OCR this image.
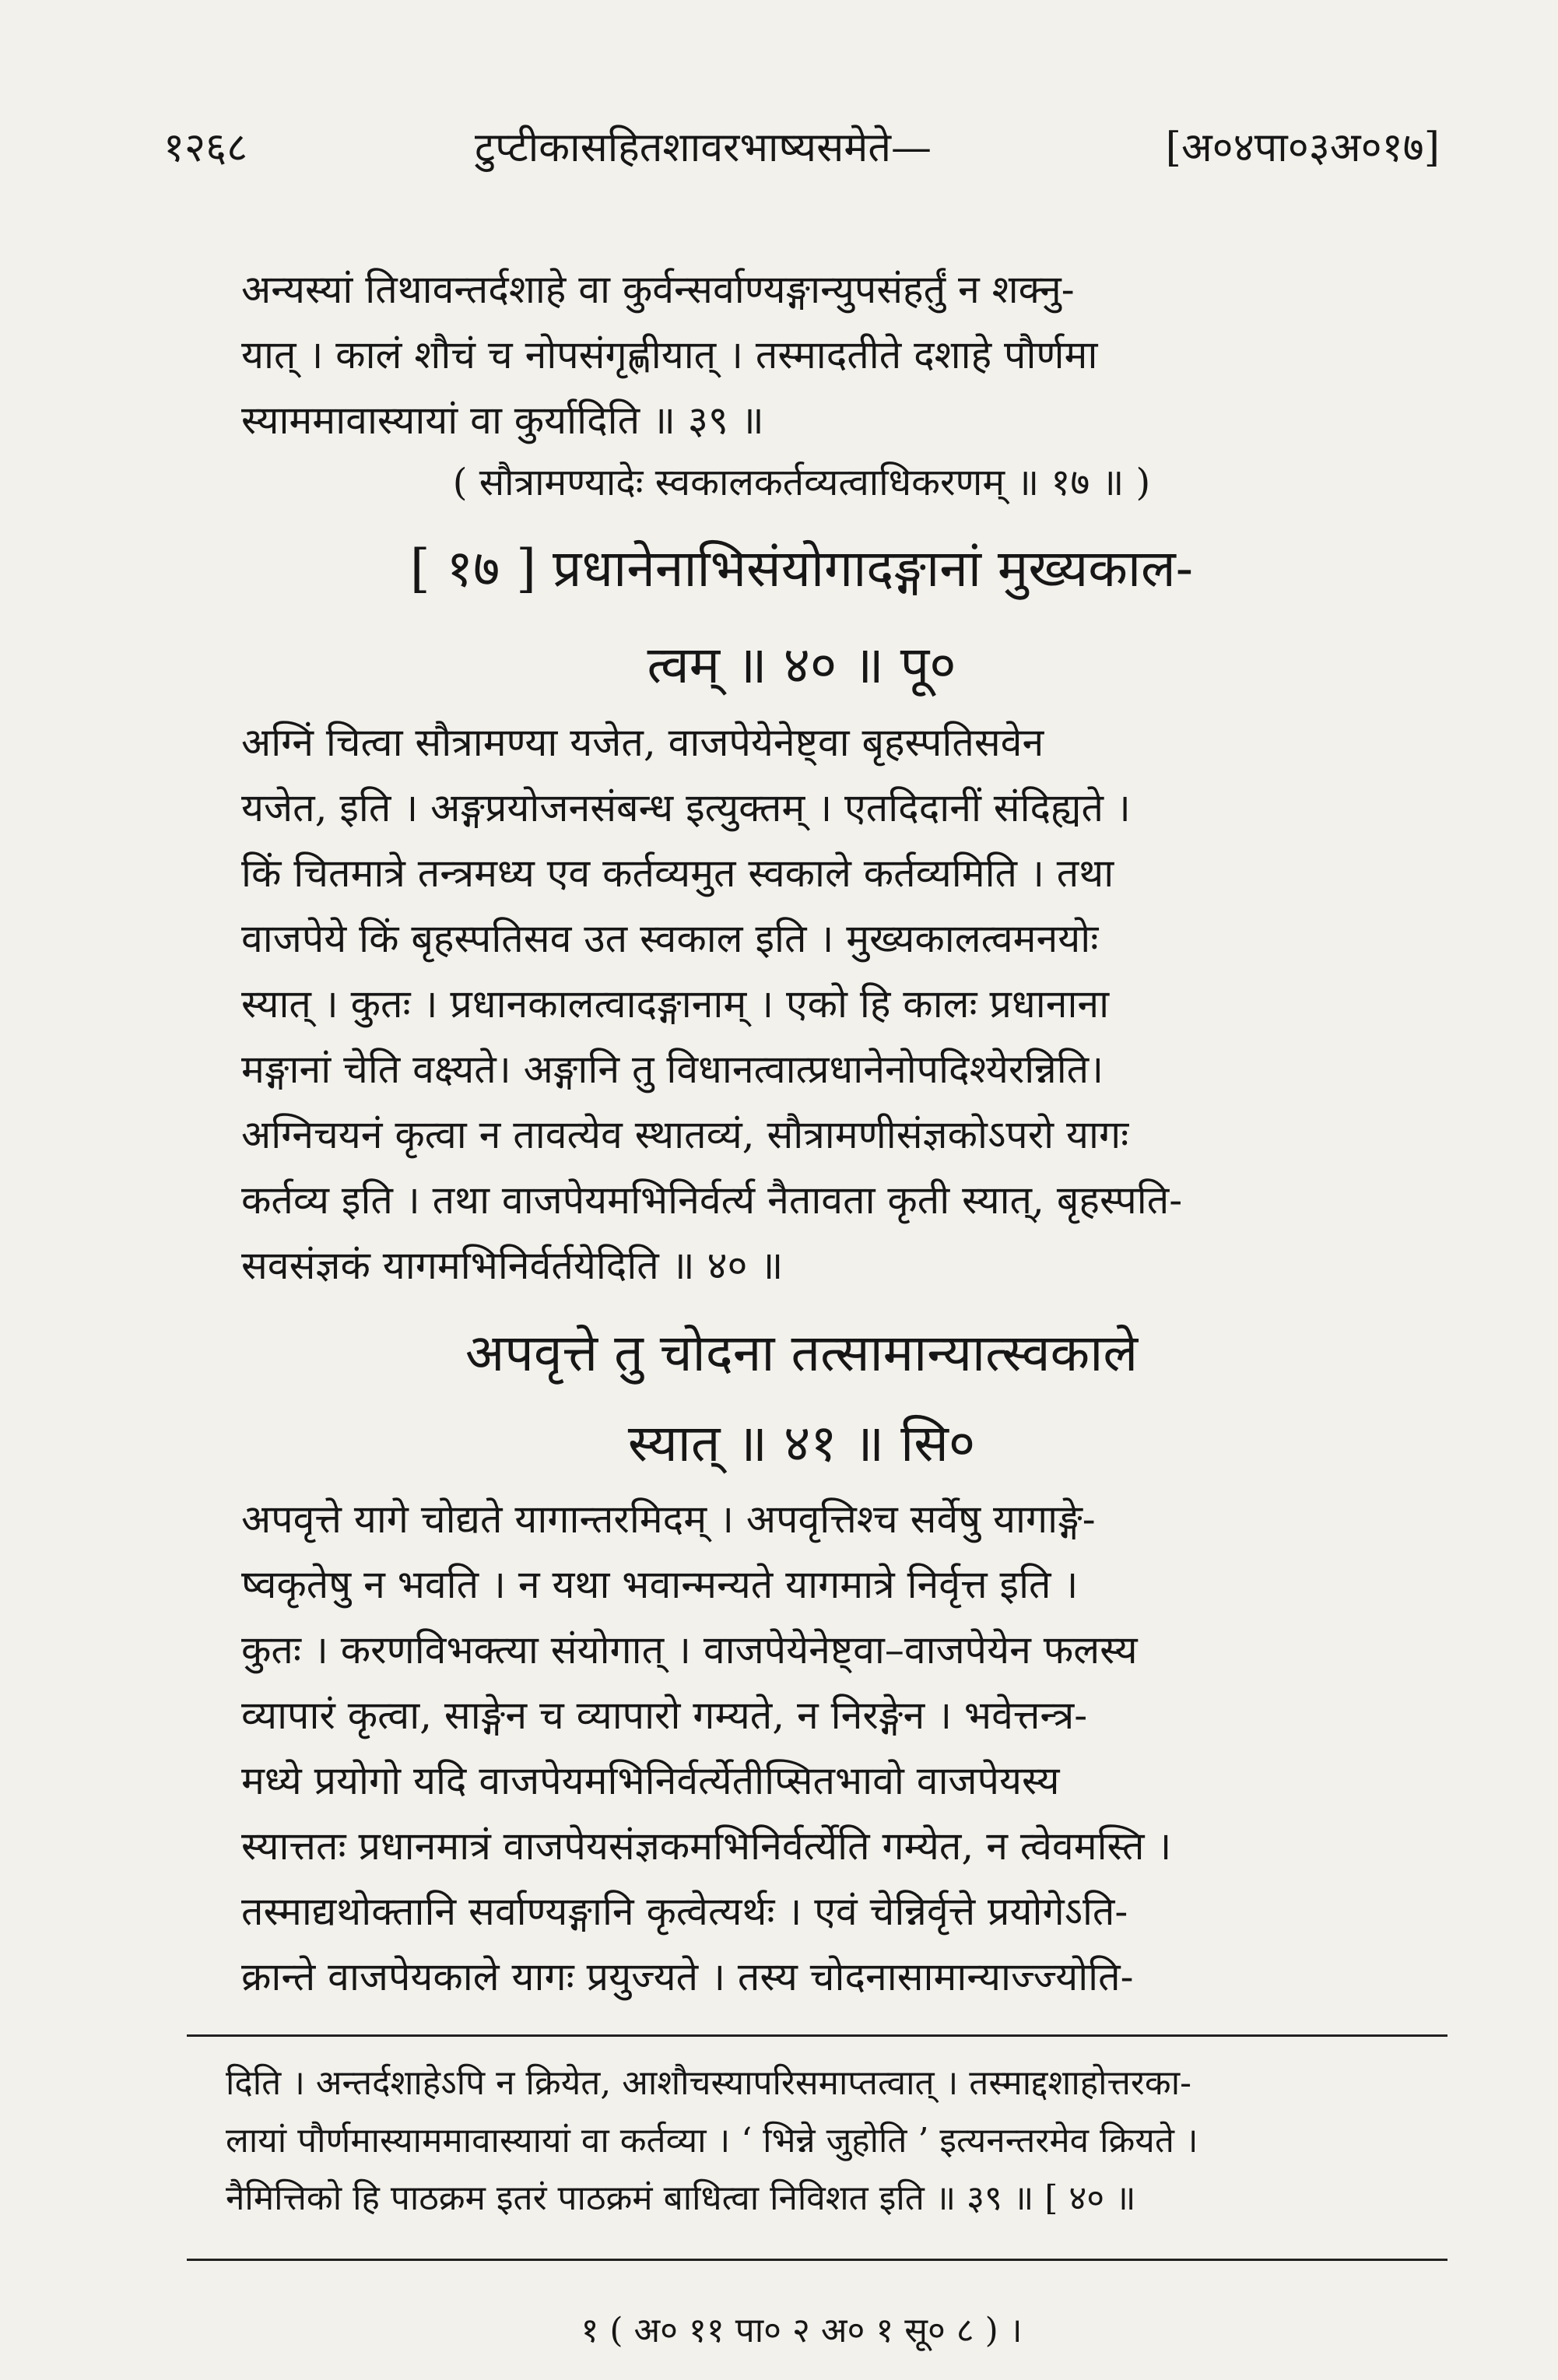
१२६८	टुप्टीकासहितशावरभाष्यसमेते—	[अ०४पा०३अ०१७]
अन्यस्यां तिथावन्तर्दशाहे वा कुर्वन्सर्वाण्यङ्गान्युपसंहर्तुं न शक्नु-
यात् । कालं शौचं च नोपसंगृह्णीयात् । तस्मादतीते दशाहे पौर्णमा
स्याममावास्यायां वा कुर्यादिति ॥ ३९ ॥
( सौत्रामण्यादेः स्वकालकर्तव्यत्वाधिकरणम् ॥ १७ ॥ )
[ १७ ] प्रधानेनाभिसंयोगादङ्गानां मुख्यकाल-
त्वम् ॥ ४० ॥ पू०
अग्निं चित्वा सौत्रामण्या यजेत, वाजपेयेनेष्ट्वा बृहस्पतिसवेन
यजेत, इति । अङ्गप्रयोजनसंबन्ध इत्युक्तम् । एतदिदानीं संदिह्यते ।
किं चितमात्रे तन्त्रमध्य एव कर्तव्यमुत स्वकाले कर्तव्यमिति । तथा
वाजपेये किं बृहस्पतिसव उत स्वकाल इति । मुख्यकालत्वमनयोः
स्यात् । कुतः । प्रधानकालत्वादङ्गानाम् । एको हि कालः प्रधानाना
मङ्गानां चेति वक्ष्यते। अङ्गानि तु विधानत्वात्प्रधानेनोपदिश्येरन्निति।
अग्निचयनं कृत्वा न तावत्येव स्थातव्यं, सौत्रामणीसंज्ञकोऽपरो यागः
कर्तव्य इति । तथा वाजपेयमभिनिर्वर्त्य नैतावता कृती स्यात्, बृहस्पति-
सवसंज्ञकं यागमभिनिर्वर्तयेदिति ॥ ४० ॥
अपवृत्ते तु चोदना तत्सामान्यात्स्वकाले
स्यात् ॥ ४१ ॥ सि०
अपवृत्ते यागे चोद्यते यागान्तरमिदम् । अपवृत्तिश्च सर्वेषु यागाङ्गे-
ष्वकृतेषु न भवति । न यथा भवान्मन्यते यागमात्रे निर्वृत्त इति ।
कुतः । करणविभक्त्या संयोगात् । वाजपेयेनेष्ट्वा–वाजपेयेन फलस्य
व्यापारं कृत्वा, साङ्गेन च व्यापारो गम्यते, न निरङ्गेन । भवेत्तन्त्र-
मध्ये प्रयोगो यदि वाजपेयमभिनिर्वर्त्येतीप्सितभावो वाजपेयस्य
स्यात्ततः प्रधानमात्रं वाजपेयसंज्ञकमभिनिर्वर्त्येति गम्येत, न त्वेवमस्ति ।
तस्माद्यथोक्तानि सर्वाण्यङ्गानि कृत्वेत्यर्थः । एवं चेन्निर्वृत्ते प्रयोगेऽति-
क्रान्ते वाजपेयकाले यागः प्रयुज्यते । तस्य चोदनासामान्याज्ज्योति-
दिति । अन्तर्दशाहेऽपि न क्रियेत, आशौचस्यापरिसमाप्तत्वात् । तस्माद्दशाहोत्तरका-
लायां पौर्णमास्याममावास्यायां वा कर्तव्या । ‘ भिन्ने जुहोति ’ इत्यनन्तरमेव क्रियते ।
नैमित्तिको हि पाठक्रम इतरं पाठक्रमं बाधित्वा निविशत इति ॥ ३९ ॥ [ ४० ॥
१ ( अ० ११ पा० २ अ० १ सू० ८ ) ।
